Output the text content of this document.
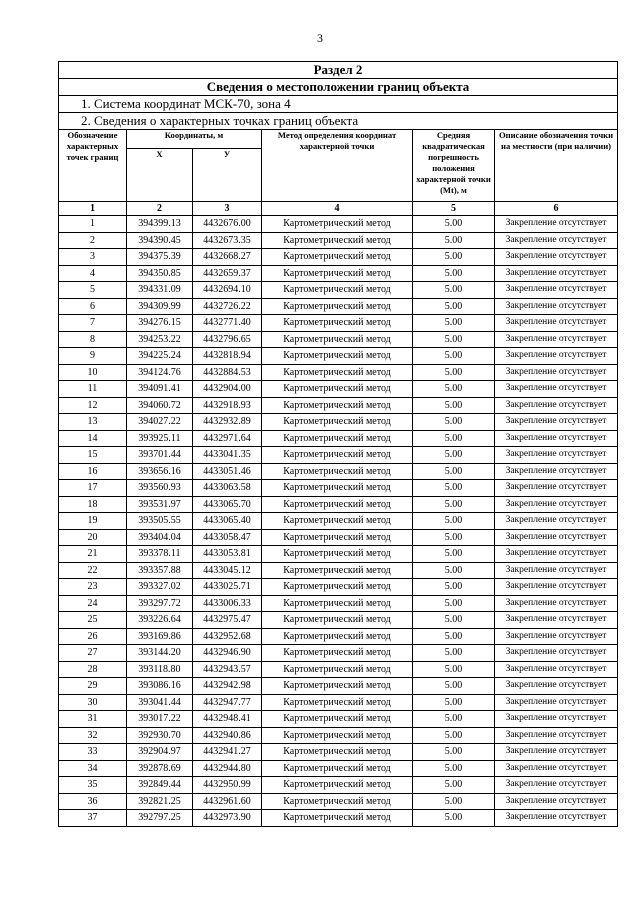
3
Раздел 2					
Сведения о местоположении границ объекта					
1. Система координат МСК-70, зона 4					
2. Сведения о характерных точках границ объекта					
Обозначение характерных точек границ	Координаты, м		Метод определения координат характерной точки	Средняя квадратическая погрешность положения характерной точки (Mt), м	Описание обозначения точки на местности (при наличии)
	X	У			
1	2	3	4	5	6
1	394399.13	4432676.00	Картометрический метод	5.00	Закрепление отсутствует
2	394390.45	4432673.35	Картометрический метод	5.00	Закрепление отсутствует
3	394375.39	4432668.27	Картометрический метод	5.00	Закрепление отсутствует
4	394350.85	4432659.37	Картометрический метод	5.00	Закрепление отсутствует
5	394331.09	4432694.10	Картометрический метод	5.00	Закрепление отсутствует
6	394309.99	4432726.22	Картометрический метод	5.00	Закрепление отсутствует
7	394276.15	4432771.40	Картометрический метод	5.00	Закрепление отсутствует
8	394253.22	4432796.65	Картометрический метод	5.00	Закрепление отсутствует
9	394225.24	4432818.94	Картометрический метод	5.00	Закрепление отсутствует
10	394124.76	4432884.53	Картометрический метод	5.00	Закрепление отсутствует
11	394091.41	4432904.00	Картометрический метод	5.00	Закрепление отсутствует
12	394060.72	4432918.93	Картометрический метод	5.00	Закрепление отсутствует
13	394027.22	4432932.89	Картометрический метод	5.00	Закрепление отсутствует
14	393925.11	4432971.64	Картометрический метод	5.00	Закрепление отсутствует
15	393701.44	4433041.35	Картометрический метод	5.00	Закрепление отсутствует
16	393656.16	4433051.46	Картометрический метод	5.00	Закрепление отсутствует
17	393560.93	4433063.58	Картометрический метод	5.00	Закрепление отсутствует
18	393531.97	4433065.70	Картометрический метод	5.00	Закрепление отсутствует
19	393505.55	4433065.40	Картометрический метод	5.00	Закрепление отсутствует
20	393404.04	4433058.47	Картометрический метод	5.00	Закрепление отсутствует
21	393378.11	4433053.81	Картометрический метод	5.00	Закрепление отсутствует
22	393357.88	4433045.12	Картометрический метод	5.00	Закрепление отсутствует
23	393327.02	4433025.71	Картометрический метод	5.00	Закрепление отсутствует
24	393297.72	4433006.33	Картометрический метод	5.00	Закрепление отсутствует
25	393226.64	4432975.47	Картометрический метод	5.00	Закрепление отсутствует
26	393169.86	4432952.68	Картометрический метод	5.00	Закрепление отсутствует
27	393144.20	4432946.90	Картометрический метод	5.00	Закрепление отсутствует
28	393118.80	4432943.57	Картометрический метод	5.00	Закрепление отсутствует
29	393086.16	4432942.98	Картометрический метод	5.00	Закрепление отсутствует
30	393041.44	4432947.77	Картометрический метод	5.00	Закрепление отсутствует
31	393017.22	4432948.41	Картометрический метод	5.00	Закрепление отсутствует
32	392930.70	4432940.86	Картометрический метод	5.00	Закрепление отсутствует
33	392904.97	4432941.27	Картометрический метод	5.00	Закрепление отсутствует
34	392878.69	4432944.80	Картометрический метод	5.00	Закрепление отсутствует
35	392849.44	4432950.99	Картометрический метод	5.00	Закрепление отсутствует
36	392821.25	4432961.60	Картометрический метод	5.00	Закрепление отсутствует
37	392797.25	4432973.90	Картометрический метод	5.00	Закрепление отсутствует
